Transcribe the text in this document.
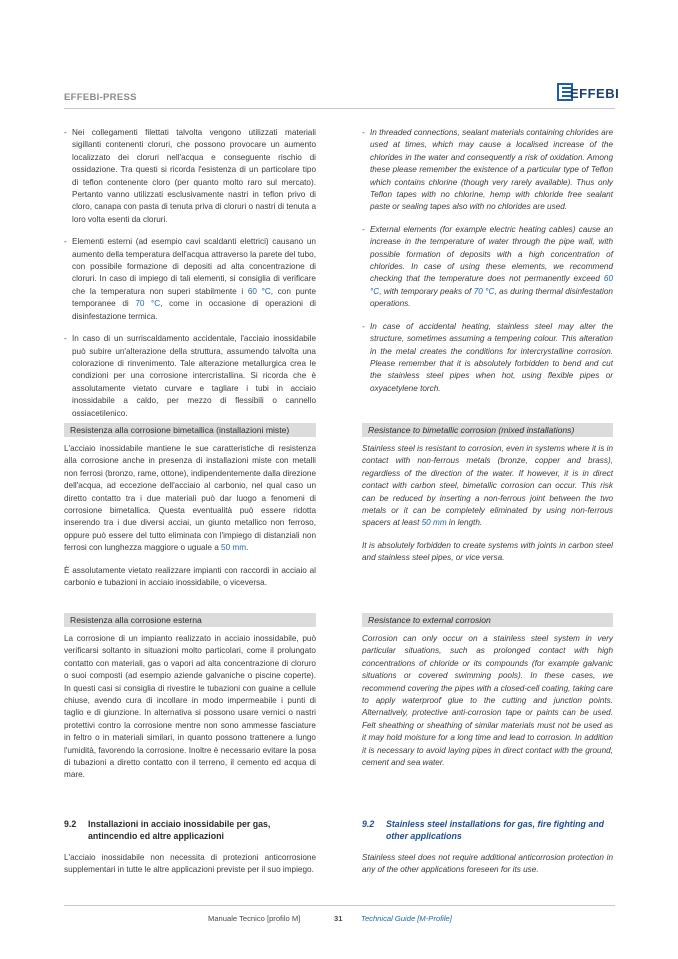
EFFEBI-PRESS	EFFEBI
- Nei collegamenti filettati talvolta vengono utilizzati materiali sigillanti contenenti cloruri, che possono provocare un aumento localizzato dei cloruri nell'acqua e conseguente rischio di ossidazione. Tra questi si ricorda l'esistenza di un particolare tipo di teflon contenente cloro (per quanto molto raro sul mercato). Pertanto vanno utilizzati esclusivamente nastri in teflon privo di cloro, canapa con pasta di tenuta priva di cloruri o nastri di tenuta a loro volta esenti da cloruri.
- Elementi esterni (ad esempio cavi scaldanti elettrici) causano un aumento della temperatura dell'acqua attraverso la parete del tubo, con possibile formazione di depositi ad alta concentrazione di cloruri. In caso di impiego di tali elementi, si consiglia di verificare che la temperatura non superi stabilmente i 60 °C, con punte temporanee di 70 °C, come in occasione di operazioni di disinfestazione termica.
- In caso di un surriscaldamento accidentale, l'acciaio inossidabile può subire un'alterazione della struttura, assumendo talvolta una colorazione di rinvenimento. Tale alterazione metallurgica crea le condizioni per una corrosione intercristallina. Si ricorda che è assolutamente vietato curvare e tagliare i tubi in acciaio inossidabile a caldo, per mezzo di flessibili o cannello ossiacetilenico.
Resistenza alla corrosione bimetallica (installazioni miste)

L'acciaio inossidabile mantiene le sue caratteristiche di resistenza alla corrosione anche in presenza di installazioni miste con metalli non ferrosi (bronzo, rame, ottone), indipendentemente dalla direzione dell'acqua, ad eccezione dell'acciaio al carbonio, nel qual caso un diretto contatto tra i due materiali può dar luogo a fenomeni di corrosione bimetallica. Questa eventualità può essere ridotta inserendo tra i due diversi acciai, un giunto metallico non ferroso, oppure può essere del tutto eliminata con l'impiego di distanziali non ferrosi con lunghezza maggiore o uguale a 50 mm.

È assolutamente vietato realizzare impianti con raccordi in acciaio al carbonio e tubazioni in acciaio inossidabile, o viceversa.

Resistenza alla corrosione esterna

La corrosione di un impianto realizzato in acciaio inossidabile, può verificarsi soltanto in situazioni molto particolari, come il prolungato contatto con materiali, gas o vapori ad alta concentrazione di cloruro o suoi composti (ad esempio aziende galvaniche o piscine coperte). In questi casi si consiglia di rivestire le tubazioni con guaine a cellule chiuse, avendo cura di incollare in modo impermeabile i punti di taglio e di giunzione. In alternativa si possono usare vernici o nastri protettivi contro la corrosione mentre non sono ammesse fasciature in feltro o in materiali similari, in quanto possono trattenere a lungo l'umidità, favorendo la corrosione. Inoltre è necessario evitare la posa di tubazioni a diretto contatto con il terreno, il cemento ed acqua di mare.

9.2	Installazioni in acciaio inossidabile per gas, antincendio ed altre applicazioni

L'acciaio inossidabile non necessita di protezioni anticorrosione supplementari in tutte le altre applicazioni previste per il suo impiego.

- In threaded connections, sealant materials containing chlorides are used at times, which may cause a localised increase of the chlorides in the water and consequently a risk of oxidation. Among these please remember the existence of a particular type of Teflon which contains chlorine (though very rarely available). Thus only Teflon tapes with no chlorine, hemp with chloride free sealant paste or sealing tapes also with no chlorides are used.
- External elements (for example electric heating cables) cause an increase in the temperature of water through the pipe wall, with possible formation of deposits with a high concentration of chlorides. In case of using these elements, we recommend checking that the temperature does not permanently exceed 60 °C, with temporary peaks of 70 °C, as during thermal disinfestation operations.
- In case of accidental heating, stainless steel may alter the structure, sometimes assuming a tempering colour. This alteration in the metal creates the conditions for intercrystalline corrosion. Please remember that it is absolutely forbidden to bend and cut the stainless steel pipes when hot, using flexible pipes or oxyacetylene torch.
Resistance to bimetallic corrosion (mixed installations)

Stainless steel is resistant to corrosion, even in systems where it is in contact with non-ferrous metals (bronze, copper and brass), regardless of the direction of the water. If however, it is in direct contact with carbon steel, bimetallic corrosion can occur. This risk can be reduced by inserting a non-ferrous joint between the two metals or it can be completely eliminated by using non-ferrous spacers at least 50 mm in length.

It is absolutely forbidden to create systems with joints in carbon steel and stainless steel pipes, or vice versa.

Resistance to external corrosion

Corrosion can only occur on a stainless steel system in very particular situations, such as prolonged contact with high concentrations of chloride or its compounds (for example galvanic situations or covered swimming pools). In these cases, we recommend covering the pipes with a closed-cell coating, taking care to apply waterproof glue to the cutting and junction points. Alternatively, protective anti-corrosion tape or paints can be used. Felt sheathing or sheathing of similar materials must not be used as it may hold moisture for a long time and lead to corrosion. In addition it is necessary to avoid laying pipes in direct contact with the ground, cement and sea water.

9.2	Stainless steel installations for gas, fire fighting and other applications

Stainless steel does not require additional anticorrosion protection in any of the other applications foreseen for its use.

Manuale Tecnico [profilo M]	31 Technical Guide [M-Profile]
